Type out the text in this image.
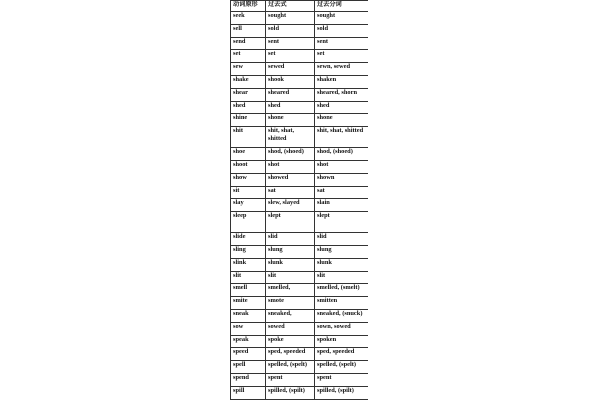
动词原形	过去式	过去分词
seek	sought	sought
sell	sold	sold
send	sent	sent
set	set	set
sew	sewed	sewn, sewed
shake	shook	shaken
shear	sheared	sheared, shorn
shed	shed	shed
shine	shone	shone
shit	shit, shat, shitted	shit, shat, shitted
shoe	shod, (shoed)	shod, (shoed)
shoot	shot	shot
show	showed	shown
sit	sat	sat
slay	slew, slayed	slain
sleep	slept	slept
slide	slid	slid
sling	slung	slung
slink	slunk	slunk
slit	slit	slit
smell	smelled,	smelled, (smelt)
smite	smote	smitten
sneak	sneaked,	sneaked, (snuck)
sow	sowed	sown, sowed
speak	spoke	spoken
speed	sped, speeded	sped, speeded
spell	spelled, (spelt)	spelled, (spelt)
spend	spent	spent
spill	spilled, (spilt)	spilled, (spilt)
